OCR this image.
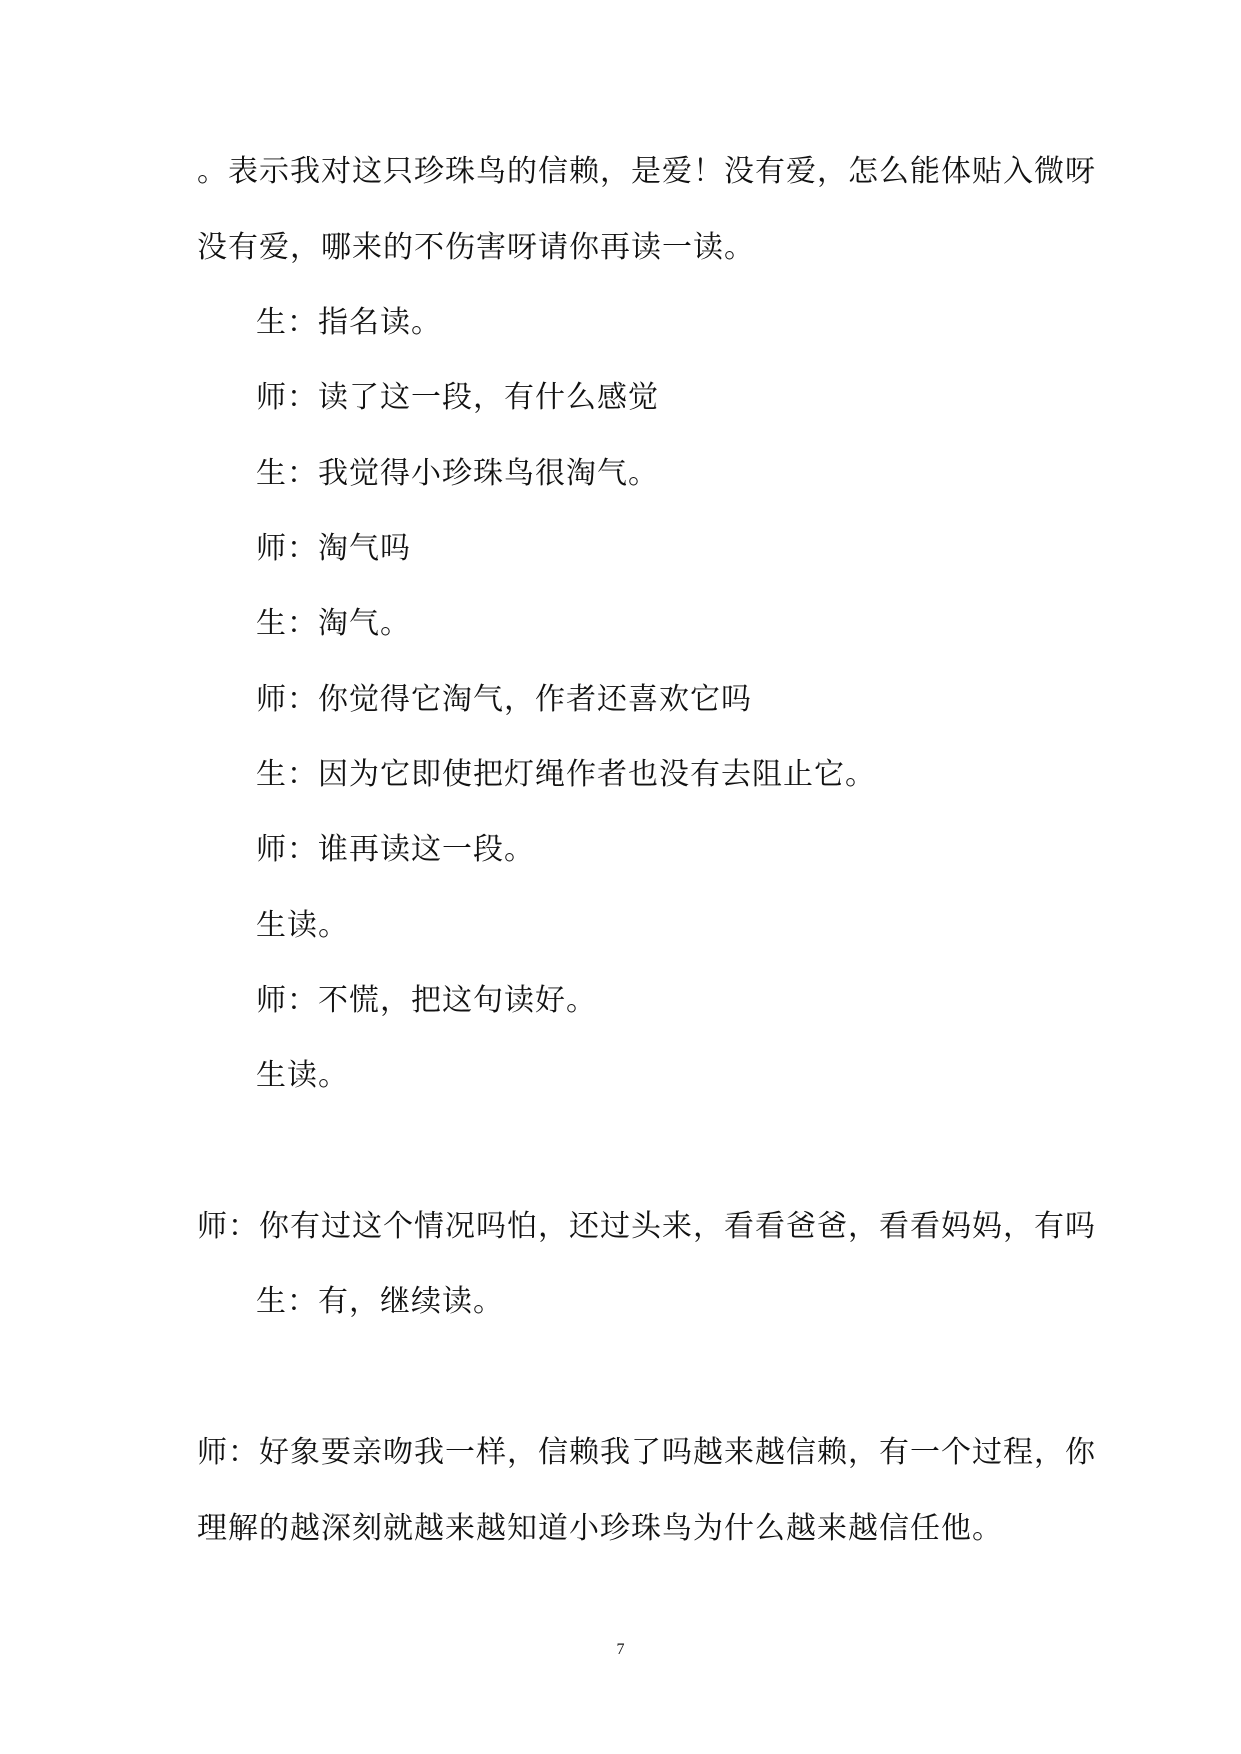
。表示我对这只珍珠鸟的信赖，是爱！没有爱，怎么能体贴入微呀
没有爱，哪来的不伤害呀请你再读一读。
生：指名读。
师：读了这一段，有什么感觉
生：我觉得小珍珠鸟很淘气。
师：淘气吗
生：淘气。
师：你觉得它淘气，作者还喜欢它吗
生：因为它即使把灯绳作者也没有去阻止它。
师：谁再读这一段。
生读。
师：不慌，把这句读好。
生读。
师：你有过这个情况吗怕，还过头来，看看爸爸，看看妈妈，有吗
生：有，继续读。
师：好象要亲吻我一样，信赖我了吗越来越信赖，有一个过程，你
理解的越深刻就越来越知道小珍珠鸟为什么越来越信任他。
7
